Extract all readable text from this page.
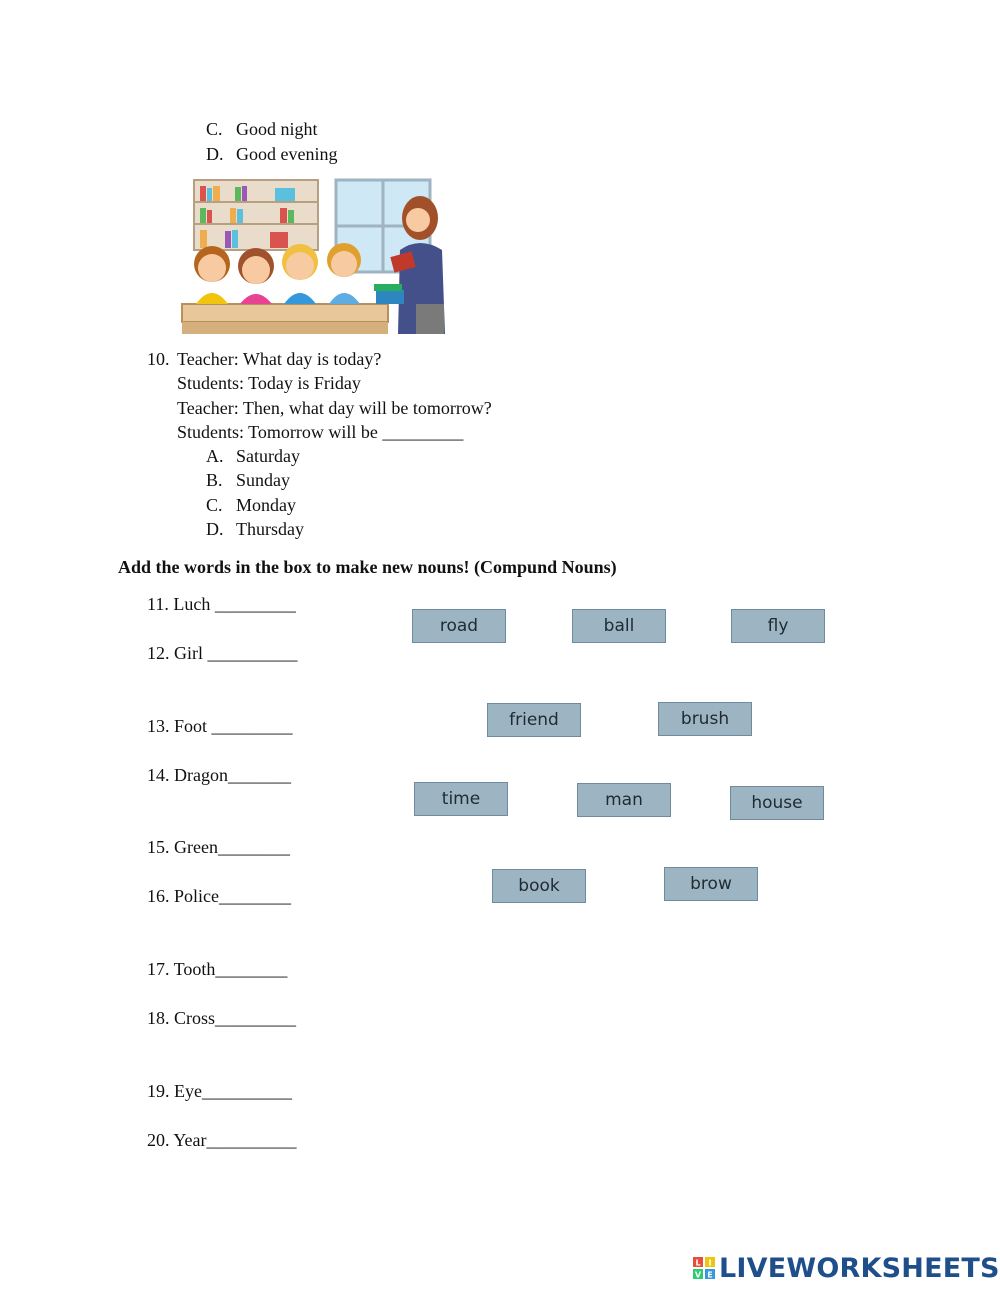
C. Good night
D. Good evening
10. Teacher: What day is today?
Students: Today is Friday
Teacher: Then, what day will be tomorrow?
Students: Tomorrow will be _________
A. Saturday
B. Sunday
C. Monday
D. Thursday
Add the words in the box to make new nouns! (Compund Nouns)
11. Luch _________
12. Girl __________
13. Foot _________
14. Dragon_______
15. Green________
16. Police________
17. Tooth________
18. Cross_________
19. Eye__________
20. Year__________
road	ball	fly
friend	brush
time	man	house
book	brow
L I
V E LIVEWORKSHEETS
